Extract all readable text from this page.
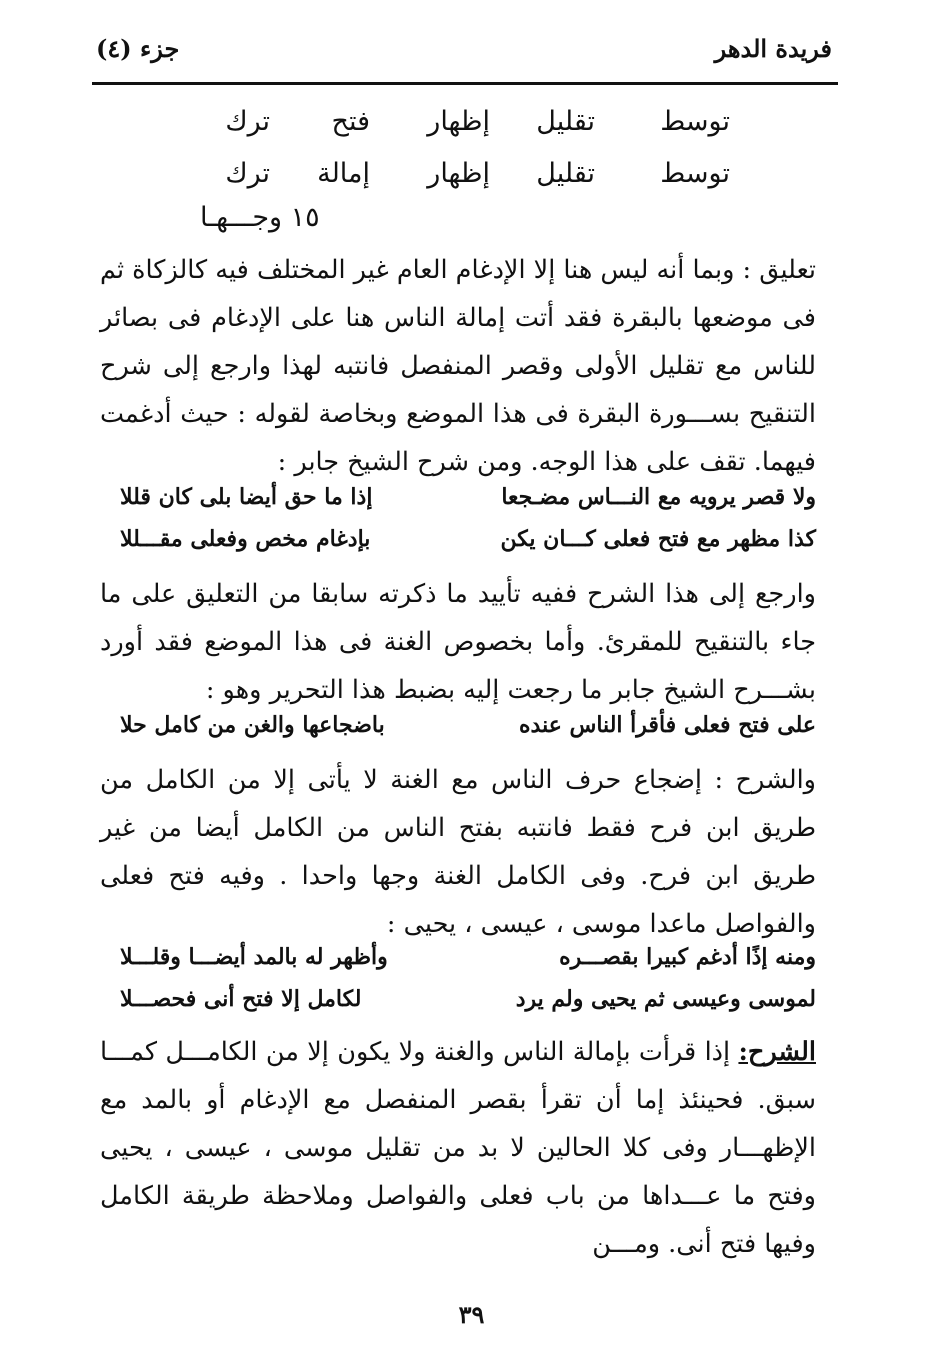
فريدة الدهر
جزء (٤)
توسط
تقليل
إظهار
فتح
ترك
توسط
تقليل
إظهار
إمالة
ترك
١٥ وجـــهـا

تعليق : وبما أنه ليس هنا إلا الإدغام العام غير المختلف فيه كالزكاة ثم فى موضعها بالبقرة فقد أتت إمالة الناس هنا على الإدغام فى بصائر للناس مع تقليل الأولى وقصر المنفصل فانتبه لهذا وارجع إلى شرح التنقيح بســـورة البقرة فى هذا الموضع وبخاصة لقوله : حيث أدغمت فيهما. تقف على هذا الوجه. ومن شرح الشيخ جابر :

ولا قصر يرويه مع النـــاس مضـجعا
إذا ما حق أيضا بلى كان قللا
كذا مظهر مع فتح فعلى كـــان يكن
بإدغام مخص وفعلى مقـــللا

وارجع إلى هذا الشرح ففيه تأييد ما ذكرته سابقا من التعليق على ما جاء بالتنقيح للمقرئ. وأما بخصوص الغنة فى هذا الموضع فقد أورد بشـــرح الشيخ جابر ما رجعت إليه بضبط هذا التحرير وهو :

على فتح فعلى فأقرأ الناس عنده
باضجاعها والغن من كامل حلا

والشرح : إضجاع حرف الناس مع الغنة لا يأتى إلا من الكامل من طريق ابن فرح فقط فانتبه بفتح الناس من الكامل أيضا من غير طريق ابن فرح. وفى الكامل الغنة وجها واحدا . وفيه فتح فعلى والفواصل ماعدا موسى ، عيسى ، يحيى :

ومنه إذًا أدغم كبيرا بقصـــره
وأظهر له بالمد أيضـــا وقلـــلا
لموسى وعيسى ثم يحيى ولم يرد
لكامل إلا فتح أنى فحصـــلا

الشرح: إذا قرأت بإمالة الناس والغنة ولا يكون إلا من الكامـــل كمـــا سبق. فحينئذ إما أن تقرأ بقصر المنفصل مع الإدغام أو بالمد مع الإظهـــار وفى كلا الحالين لا بد من تقليل موسى ، عيسى ، يحيى وفتح ما عـــداها من باب فعلى والفواصل وملاحظة طريقة الكامل وفيها فتح أنى. ومـــن

٣٩
